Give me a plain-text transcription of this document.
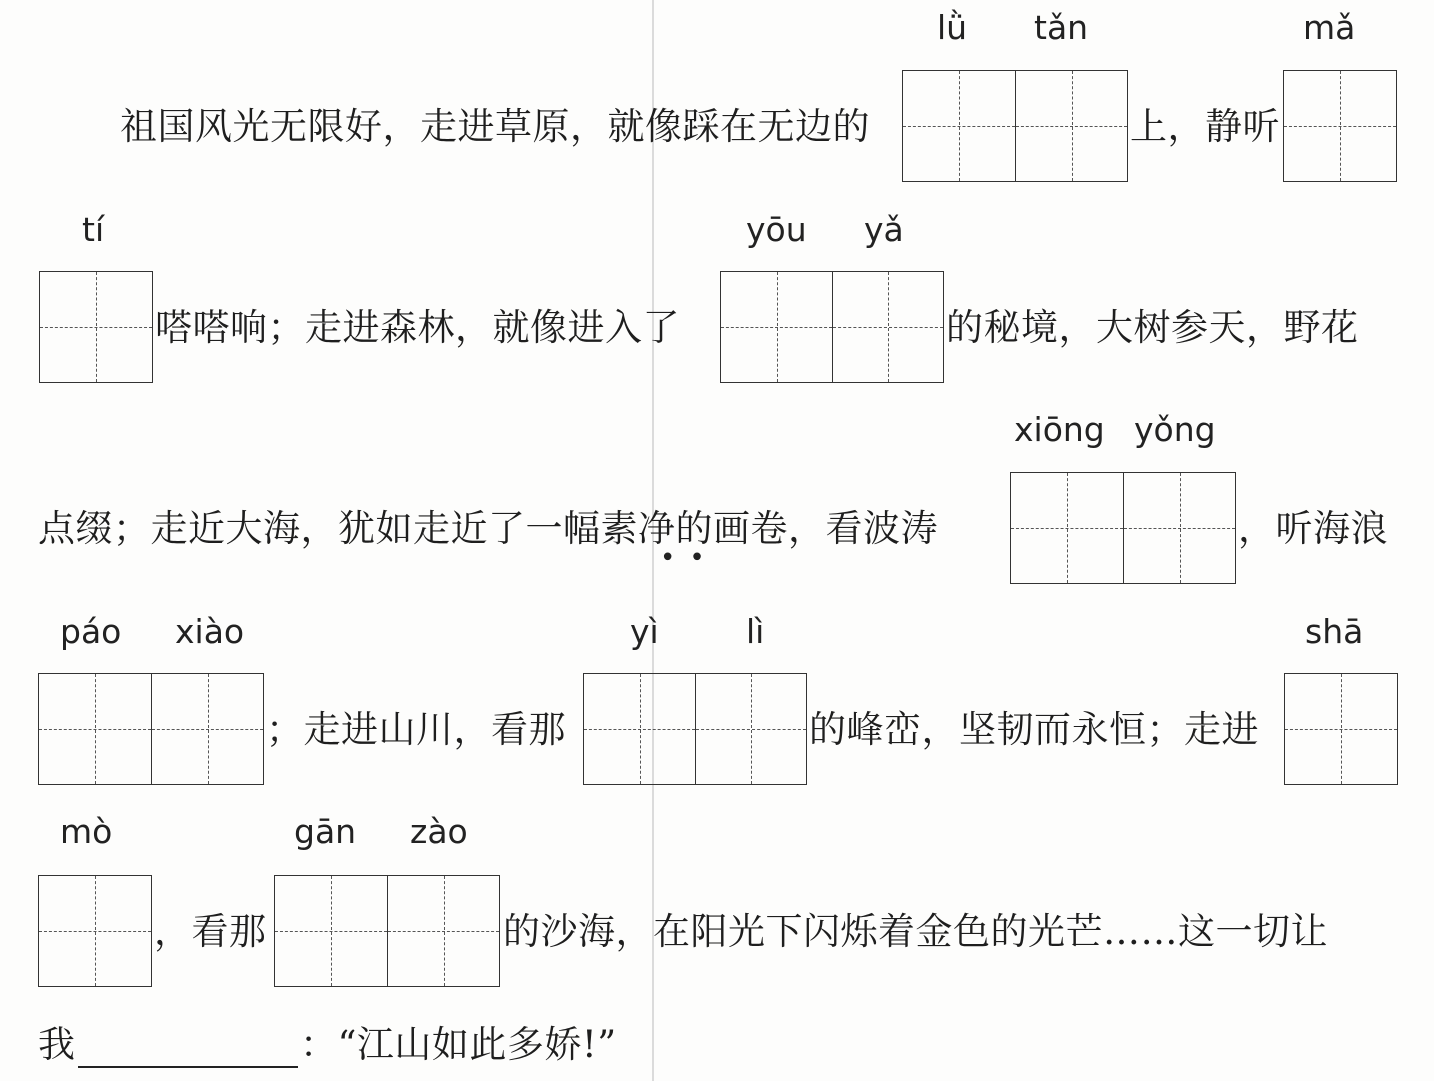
祖国风光无限好，走进草原，就像踩在无边的	上，静听
lǜ tǎn	mǎ
tí	yōu yǎ
嗒嗒响；走进森林，就像进入了	的秘境，大树参天，野花
xiōng yǒng
点缀；走近大海，犹如走近了一幅素净的画卷，看波涛	，听海浪
••
páo xiào	yì	lì	shā
；走进山川，看那	的峰峦，坚韧而永恒；走进
mò	gān zào
，看那	的沙海，在阳光下闪烁着金色的光芒……这一切让
我	：“江山如此多娇!”
